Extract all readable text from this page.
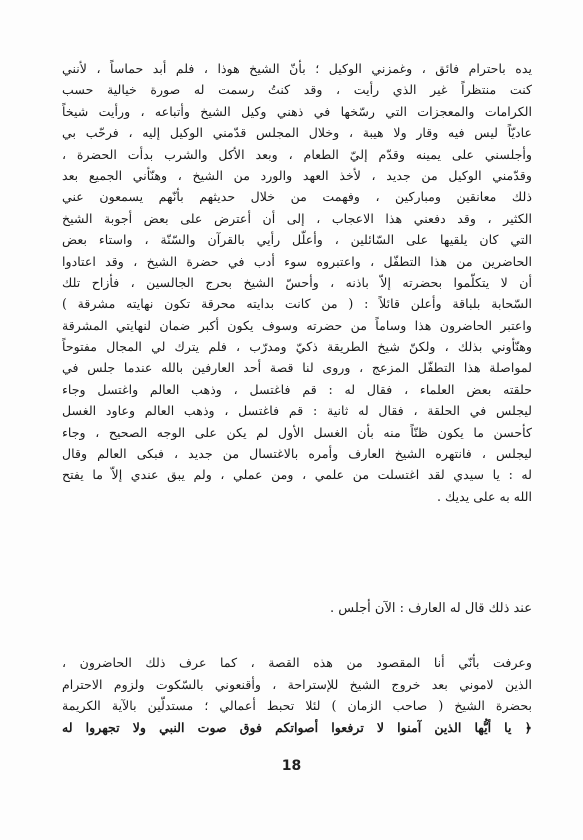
يده باحترام فائق ، وغمزني الوكيل ؛ بأنّ الشيخ هوذا ، فلم أبد حماساً ، لأنني
كنت منتظراً غير الذي رأيت ، وقد كنتُ رسمت له صورة خيالية حسب
الكرامات والمعجزات التي رسّخها في ذهني وكيل الشيخ وأتباعه ، ورأيت شيخاً
عاديّاً ليس فيه وقار ولا هيبة ، وخلال المجلس قدّمني الوكيل إليه ، فرحّب بي
وأجلسني على يمينه وقدّم إليّ الطعام ، وبعد الأكل والشرب بدأت الحضرة ،
وقدّمني الوكيل من جديد ، لأخذ العهد والورد من الشيخ ، وهنّأني الجميع بعد
ذلك معانقين ومباركين ، وفهمت من خلال حديثهم بأنّهم يسمعون عني
الكثير ، وقد دفعني هذا الاعجاب ، إلى أن أعترض على بعض أجوبة الشيخ
التي كان يلقيها على السّائلين ، وأعلّل رأيي بالقرآن والسّنّة ، واستاء بعض
الحاضرين من هذا التطفّل ، واعتبروه سوء أدب في حضرة الشيخ ، وقد اعتادوا
أن لا يتكلّموا بحضرته إلاّ باذنه ، وأحسّ الشيخ بحرج الجالسين ، فأزاح تلك
السّحابة بلباقة وأعلن قائلاً : ( من كانت بدايته محرقة تكون نهايته مشرقة )
واعتبر الحاضرون هذا وساماً من حضرته وسوف يكون أكبر ضمان لنهايتي المشرقة
وهنّأوني بذلك ، ولكنّ شيخ الطريقة ذكيّ ومدرّب ، فلم يترك لي المجال مفتوحاً
لمواصلة هذا التطفّل المزعج ، وروى لنا قصة أحد العارفين بالله عندما جلس في
حلقته بعض العلماء ، فقال له : قم فاغتسل ، وذهب العالم واغتسل وجاء
ليجلس في الحلقة ، فقال له ثانية : قم فاغتسل ، وذهب العالم وعاود الغسل
كأحسن ما يكون ظنّاً منه بأن الغسل الأول لم يكن على الوجه الصحيح ، وجاء
ليجلس ، فانتهره الشيخ العارف وأمره بالاغتسال من جديد ، فبكى العالم وقال
له : يا سيدي لقد اغتسلت من علمي ، ومن عملي ، ولم يبق عندي إلاّ ما يفتح
الله به على يديك .
عند ذلك قال له العارف : الآن أجلس .
وعرفت بأنّي أنا المقصود من هذه القصة ، كما عرف ذلك الحاضرون ،
الذين لاموني بعد خروج الشيخ للإستراحة ، وأقنعوني بالسّكوت ولزوم الاحترام
بحضرة الشيخ ( صاحب الزمان ) لئلا تحبط أعمالي ؛ مستدلّين بالآية الكريمة
﴿ يا أيُّها الذين آمنوا لا ترفعوا أصواتكم فوق صوت النبي ولا تجهروا له
18
